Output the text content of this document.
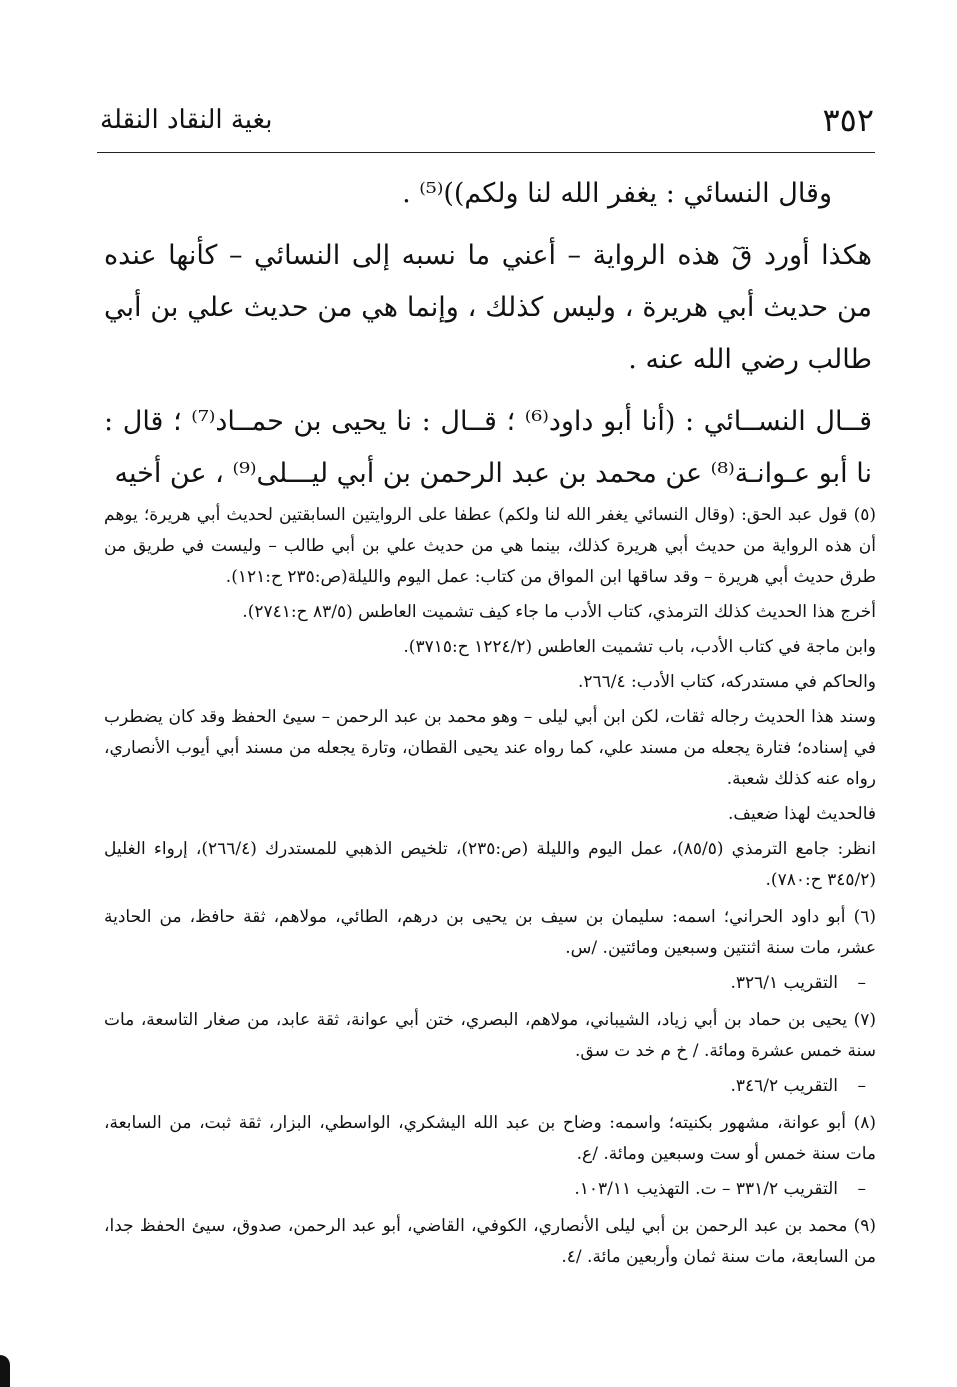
٣٥٢
بغية النقاد النقلة

وقال النسائي : يغفر الله لنا ولكم))⁽⁵⁾ .

هكذا أورد قٓ هذه الرواية – أعني ما نسبه إلى النسائي – كأنها عنده من حديث أبي هريرة ، وليس كذلك ، وإنما هي من حديث علي بن أبي طالب رضي الله عنه .

قــال النســائي : (أنا أبو داود⁽⁶⁾ ؛ قــال : نا يحيى بن حمــاد⁽⁷⁾ ؛ قال : نا أبو عـوانـة⁽⁸⁾ عن محمد بن عبد الرحمن بن أبي ليـــلى⁽⁹⁾ ، عن أخيه

(٥) قول عبد الحق: (وقال النسائي يغفر الله لنا ولكم) عطفا على الروايتين السابقتين لحديث أبي هريرة؛ يوهم أن هذه الرواية من حديث أبي هريرة كذلك، بينما هي من حديث علي بن أبي طالب – وليست في طريق من طرق حديث أبي هريرة – وقد ساقها ابن المواق من كتاب: عمل اليوم والليلة(ص:٢٣٥ ح:١٢١).

أخرج هذا الحديث كذلك الترمذي، كتاب الأدب ما جاء كيف تشميت العاطس (٨٣/٥ ح:٢٧٤١).

وابن ماجة في كتاب الأدب، باب تشميت العاطس (١٢٢٤/٢ ح:٣٧١٥).

والحاكم في مستدركه، كتاب الأدب: ٢٦٦/٤.

وسند هذا الحديث رجاله ثقات، لكن ابن أبي ليلى – وهو محمد بن عبد الرحمن – سيئ الحفظ وقد كان يضطرب في إسناده؛ فتارة يجعله من مسند علي، كما رواه عند يحيى القطان، وتارة يجعله من مسند أبي أيوب الأنصاري، رواه عنه كذلك شعبة.

فالحديث لهذا ضعيف.

انظر: جامع الترمذي (٨٥/٥)، عمل اليوم والليلة (ص:٢٣٥)، تلخيص الذهبي للمستدرك (٢٦٦/٤)، إرواء الغليل (٣٤٥/٢ ح:٧٨٠).

(٦) أبو داود الحراني؛ اسمه: سليمان بن سيف بن يحيى بن درهم، الطائي، مولاهم، ثقة حافظ، من الحادية عشر، مات سنة اثنتين وسبعين ومائتين. /س.

–التقريب ٣٢٦/١.

(٧) يحيى بن حماد بن أبي زياد، الشيباني، مولاهم، البصري، ختن أبي عوانة، ثقة عابد، من صغار التاسعة، مات سنة خمس عشرة ومائة. / خ م خد ت سق.

–التقريب ٣٤٦/٢.

(٨) أبو عوانة، مشهور بكنيته؛ واسمه: وضاح بن عبد الله اليشكري، الواسطي، البزار، ثقة ثبت، من السابعة، مات سنة خمس أو ست وسبعين ومائة. /ع.

–التقريب ٣٣١/٢ – ت. التهذيب ١٠٣/١١.

(٩) محمد بن عبد الرحمن بن أبي ليلى الأنصاري، الكوفي، القاضي، أبو عبد الرحمن، صدوق، سيئ الحفظ جدا، من السابعة، مات سنة ثمان وأربعين مائة. /٤.
